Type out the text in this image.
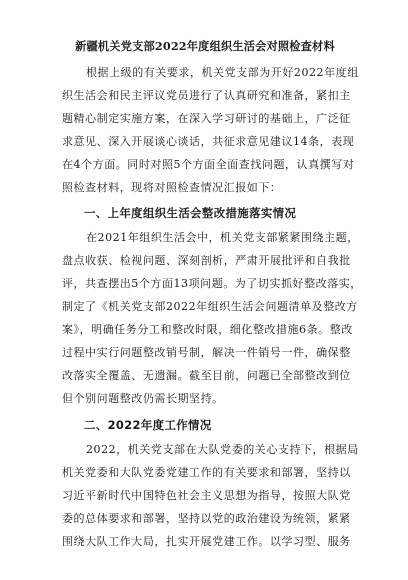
新疆机关党支部2022年度组织生活会对照检查材料
根据上级的有关要求，机关党支部为开好2022年度组
织生活会和民主评议党员进行了认真研究和准备，紧扣主
题精心制定实施方案，在深入学习研讨的基础上，广泛征
求意见、深入开展谈心谈话，共征求意见建议14条，表现
在4个方面。同时对照5个方面全面查找问题，认真撰写对
照检查材料，现将对照检查情况汇报如下：
一、上年度组织生活会整改措施落实情况
在2021年组织生活会中，机关党支部紧紧围绕主题，
盘点收获、检视问题、深刻剖析，严肃开展批评和自我批
评，共查摆出5个方面13项问题。为了切实抓好整改落实，
制定了《机关党支部2022年组织生活会问题清单及整改方
案》，明确任务分工和整改时限，细化整改措施6条。整改
过程中实行问题整改销号制，解决一件销号一件，确保整
改落实全覆盖、无遗漏。截至目前，问题已全部整改到位
但个别问题整改仍需长期坚持。
二、2022年度工作情况
2022，机关党支部在大队党委的关心支持下，根据局
机关党委和大队党委党建工作的有关要求和部署，坚持以
习近平新时代中国特色社会主义思想为指导，按照大队党
委的总体要求和部署，坚持以党的政治建设为统领，紧紧
围绕大队工作大局，扎实开展党建工作。以学习型、服务
